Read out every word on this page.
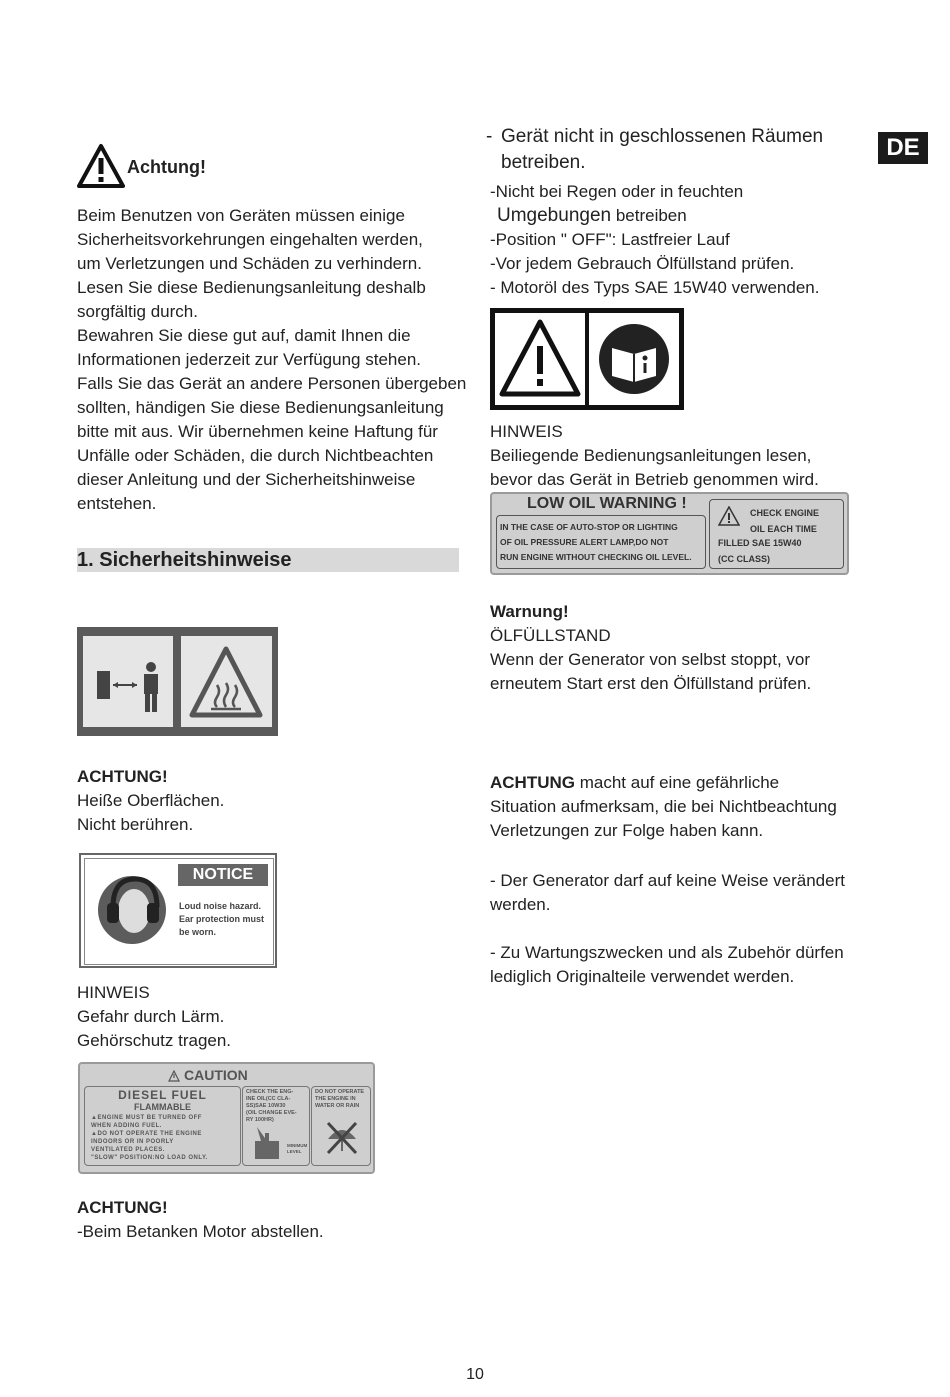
DE
Achtung!
Beim Benutzen von Geräten müssen einige
Sicherheitsvorkehrungen eingehalten werden,
um Verletzungen und Schäden zu verhindern.
Lesen Sie diese Bedienungsanleitung deshalb
sorgfältig durch.
Bewahren Sie diese gut auf, damit Ihnen die
Informationen jederzeit zur Verfügung stehen.
Falls Sie das Gerät an andere Personen übergeben
sollten, händigen Sie diese Bedienungsanleitung
bitte mit aus. Wir übernehmen keine Haftung für
Unfälle oder Schäden, die durch Nichtbeachten
dieser Anleitung und der Sicherheitshinweise
entstehen.
1. Sicherheitshinweise
ACHTUNG!
Heiße Oberflächen.
Nicht berühren.
NOTICE
Loud noise hazard.
Ear protection must
be worn.
HINWEIS
Gefahr durch Lärm.
Gehörschutz tragen.
CAUTION
DIESEL FUEL
FLAMMABLE
▲ENGINE MUST BE TURNED OFF
WHEN ADDING FUEL.
▲DO NOT OPERATE THE ENGINE
INDOORS OR IN POORLY
VENTILATED PLACES.
"SLOW" POSITION:NO LOAD ONLY.
CHECK THE ENG-
INE OIL(CC CLA-
SS)SAE 10W30
(OIL CHANGE EVE-
RY 100HR)
MINIMUM LEVEL
DO NOT OPERATE
THE ENGINE IN
WATER OR RAIN
ACHTUNG!
-Beim Betanken Motor abstellen.
- Gerät nicht in geschlossenen Räumen
betreiben.
-Nicht bei Regen oder in feuchten
Umgebungen betreiben
-Position " OFF": Lastfreier Lauf
-Vor jedem Gebrauch Ölfüllstand prüfen.
- Motoröl des Typs SAE 15W40 verwenden.
HINWEIS
Beiliegende Bedienungsanleitungen lesen,
bevor das Gerät in Betrieb genommen wird.
LOW OIL WARNING !
IN THE CASE OF AUTO-STOP OR LIGHTING
OF OIL PRESSURE ALERT LAMP,DO NOT
RUN ENGINE WITHOUT CHECKING OIL LEVEL.
CHECK ENGINE
OIL EACH TIME
FILLED SAE 15W40
(CC CLASS)
Warnung!
ÖLFÜLLSTAND
Wenn der Generator von selbst stoppt, vor
erneutem Start erst den Ölfüllstand prüfen.
ACHTUNG macht auf eine gefährliche
Situation aufmerksam, die bei Nichtbeachtung
Verletzungen zur Folge haben kann.
- Der Generator darf auf keine Weise verändert
werden.
- Zu Wartungszwecken und als Zubehör dürfen
lediglich Originalteile verwendet werden.
10
